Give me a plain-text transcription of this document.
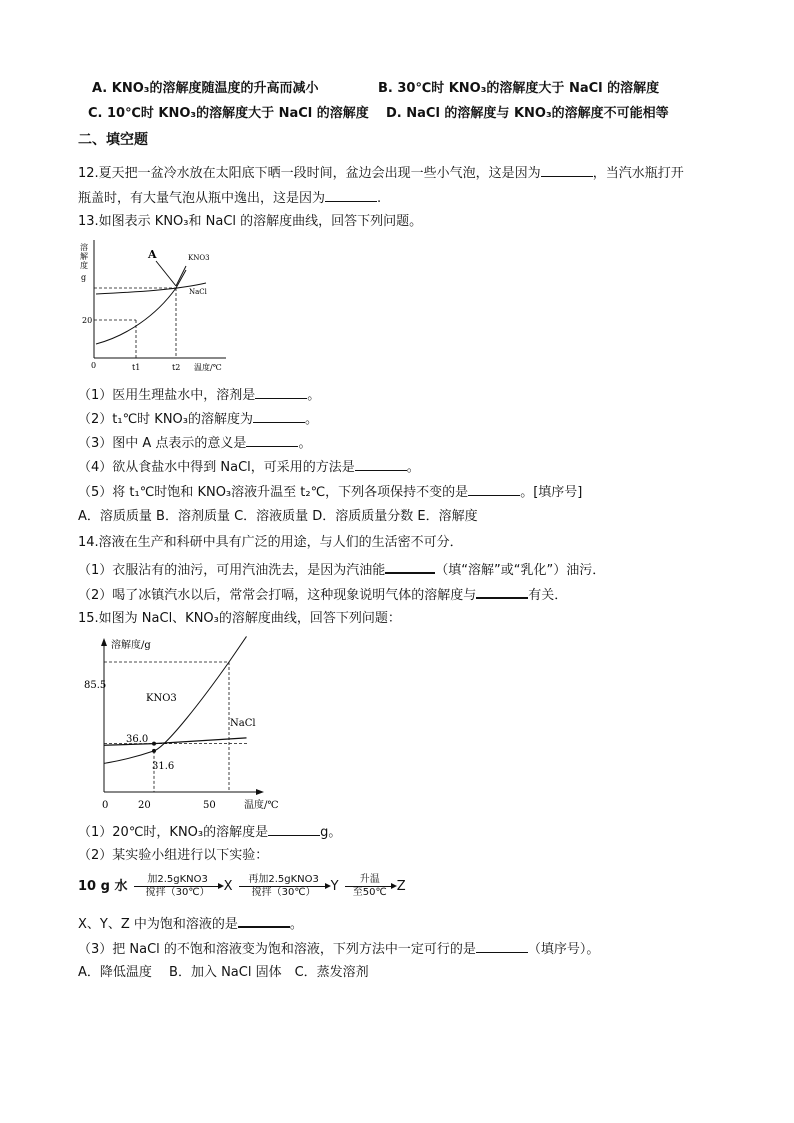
A. KNO₃的溶解度随温度的升高而减小	B. 30℃时 KNO₃的溶解度大于 NaCl 的溶解度
C. 10℃时 KNO₃的溶解度大于 NaCl 的溶解度 D. NaCl 的溶解度与 KNO₃的溶解度不可能相等
二、填空题
12.夏天把一盆冷水放在太阳底下晒一段时间，盆边会出现一些小气泡，这是因为	，当汽水瓶打开
瓶盖时，有大量气泡从瓶中逸出，这是因为	.
13.如图表示 KNO₃和 NaCl 的溶解度曲线，回答下列问题。
溶
解
度
g
A	KNO3
NaCl
20
0	t1	t2 温度/℃
（1）医用生理盐水中，溶剂是	。
（2）t₁℃时 KNO₃的溶解度为	。
（3）图中 A 点表示的意义是	。
（4）欲从食盐水中得到 NaCl，可采用的方法是	。
（5）将 t₁℃时饱和 KNO₃溶液升温至 t₂℃，下列各项保持不变的是	。[填序号]
A．溶质质量 B．溶剂质量 C．溶液质量 D．溶质质量分数 E．溶解度
14.溶液在生产和科研中具有广泛的用途，与人们的生活密不可分．
（1）衣服沾有的油污，可用汽油洗去，是因为汽油能	（填“溶解”或“乳化”）油污．
（2）喝了冰镇汽水以后，常常会打嗝，这种现象说明气体的溶解度与	有关．
15.如图为 NaCl、KNO₃的溶解度曲线，回答下列问题：
溶解度/g
85.5
36.0
31.6
KNO3
NaCl
0	20	50	温度/℃
（1）20℃时，KNO₃的溶解度是	g。
（2）某实验小组进行以下实验：
10 g 水	加2.5gKNO3
搅拌（30℃）	X	再加2.5gKNO3
搅拌（30℃）	Y	升温
至50℃ Z
X、Y、Z 中为饱和溶液的是	。
（3）把 NaCl 的不饱和溶液变为饱和溶液，下列方法中一定可行的是	（填序号）。
A．降低温度　 B．加入 NaCl 固体　C．蒸发溶剂
